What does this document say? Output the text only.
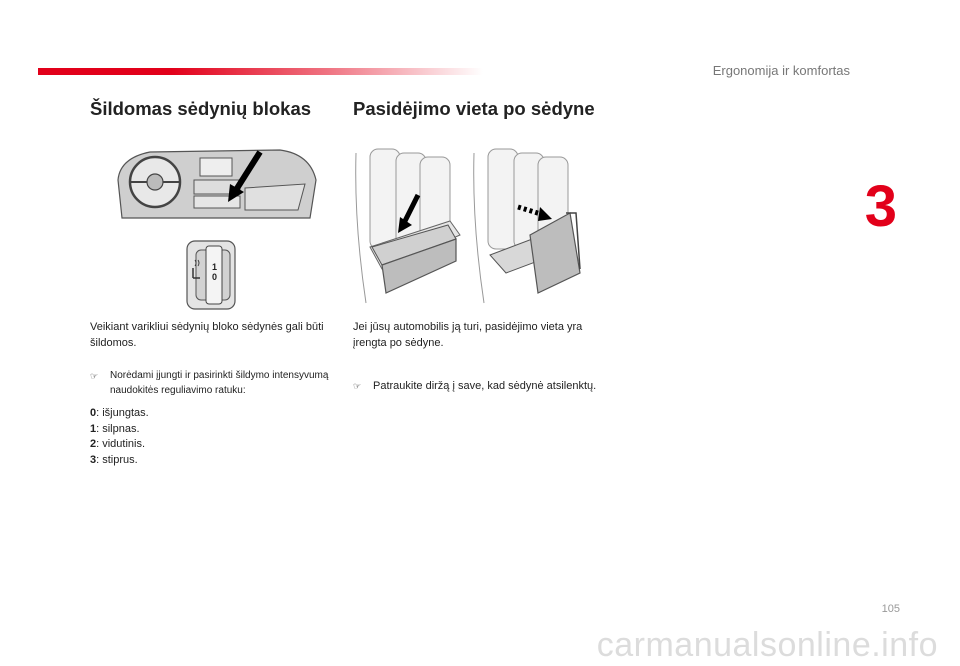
Ergonomija ir komfortas
3
Šildomas sėdynių blokas
1
0

Veikiant varikliui sėdynių bloko sėdynės gali būti šildomos.

☞ Norėdami įjungti ir pasirinkti šildymo intensyvumą naudokitės reguliavimo ratuku:
0: išjungtas.
1: silpnas.
2: vidutinis.
3: stiprus.
Pasidėjimo vieta po sėdyne

Jei jūsų automobilis ją turi, pasidėjimo vieta yra įrengta po sėdyne.

☞ Patraukite diržą į save, kad sėdynė atsilenktų.
105
carmanualsonline.info
